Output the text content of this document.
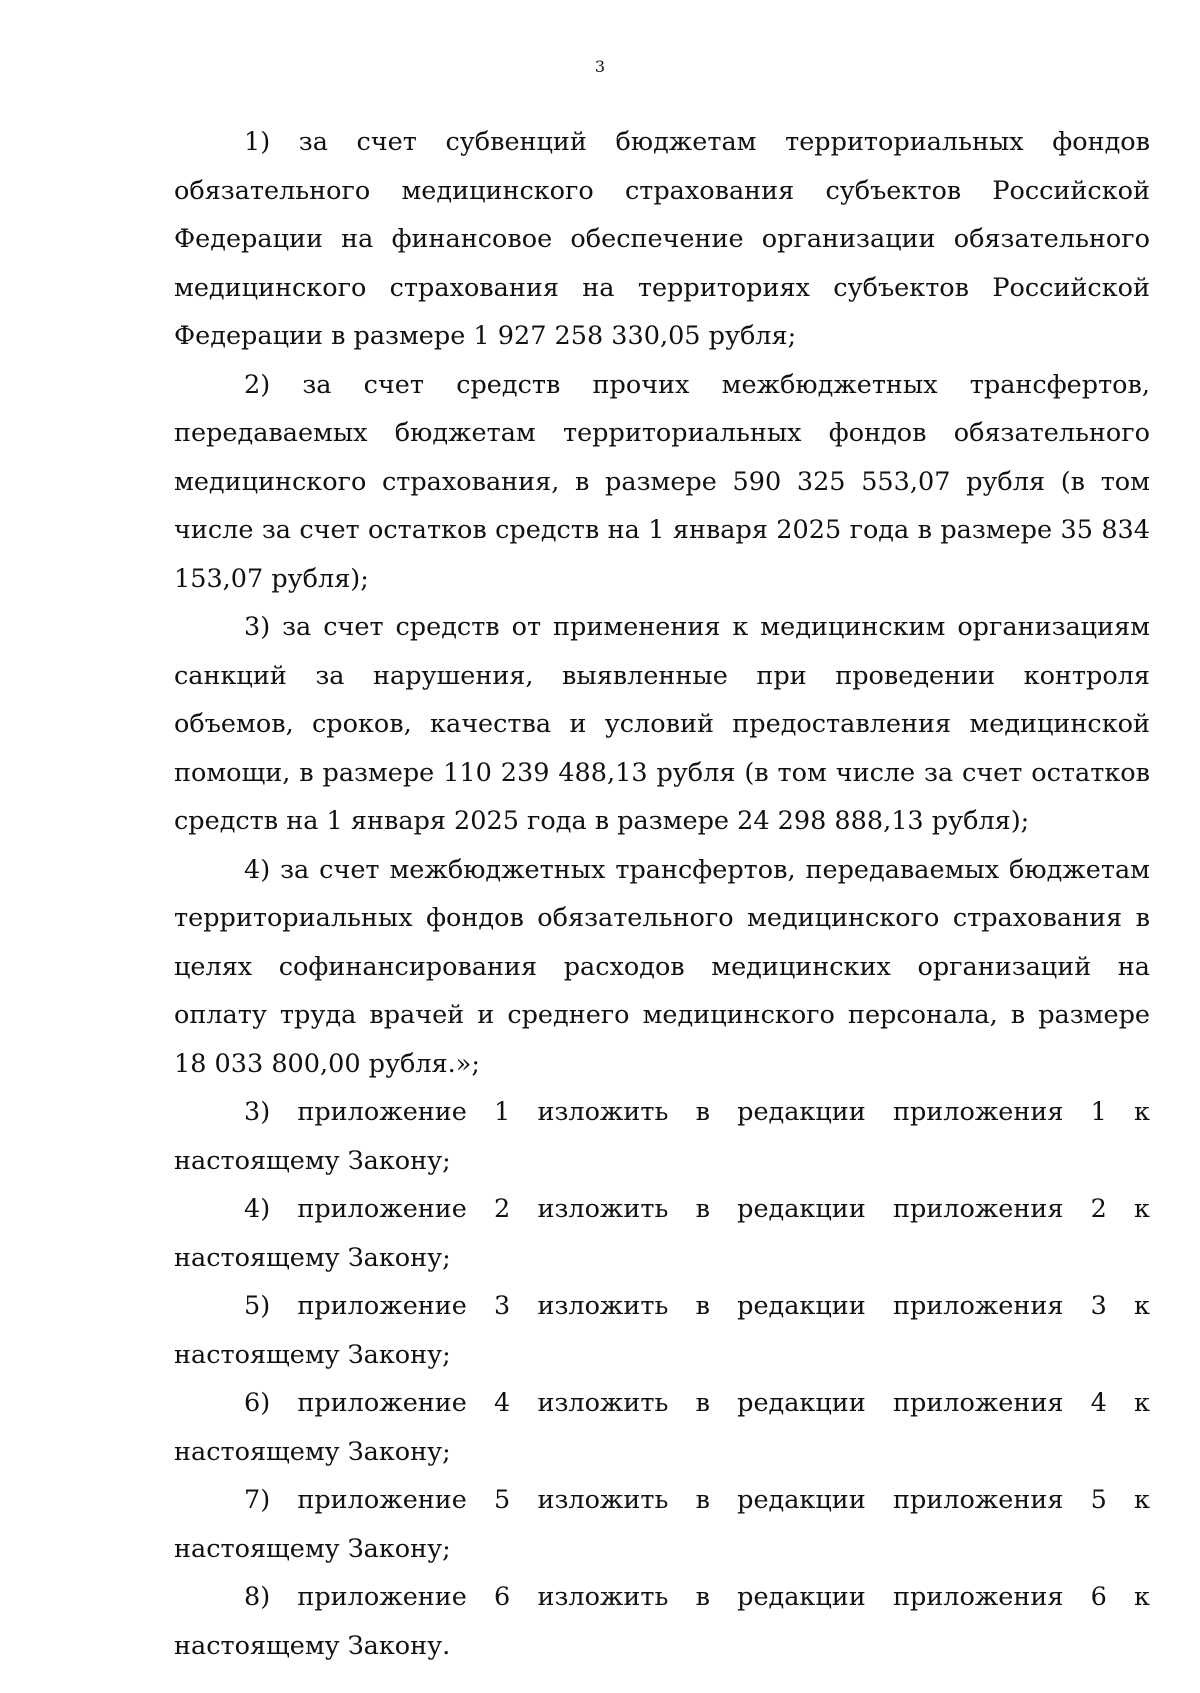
3

1) за счет субвенций бюджетам территориальных фондов обязательного медицинского страхования субъектов Российской Федерации на финансовое обеспечение организации обязательного медицинского страхования на территориях субъектов Российской Федерации в размере 1 927 258 330,05 рубля;

2) за счет средств прочих межбюджетных трансфертов, передаваемых бюджетам территориальных фондов обязательного медицинского страхования, в размере 590 325 553,07 рубля (в том числе за счет остатков средств на 1 января 2025 года в размере 35 834 153,07 рубля);

3) за счет средств от применения к медицинским организациям санкций за нарушения, выявленные при проведении контроля объемов, сроков, качества и условий предоставления медицинской помощи, в размере 110 239 488,13 рубля (в том числе за счет остатков средств на 1 января 2025 года в размере 24 298 888,13 рубля);

4) за счет межбюджетных трансфертов, передаваемых бюджетам территориальных фондов обязательного медицинского страхования в целях софинансирования расходов медицинских организаций на оплату труда врачей и среднего медицинского персонала, в размере 18 033 800,00 рубля.»;

3) приложение 1 изложить в редакции приложения 1 к настоящему Закону;

4) приложение 2 изложить в редакции приложения 2 к настоящему Закону;

5) приложение 3 изложить в редакции приложения 3 к настоящему Закону;

6) приложение 4 изложить в редакции приложения 4 к настоящему Закону;

7) приложение 5 изложить в редакции приложения 5 к настоящему Закону;

8) приложение 6 изложить в редакции приложения 6 к настоящему Закону.
